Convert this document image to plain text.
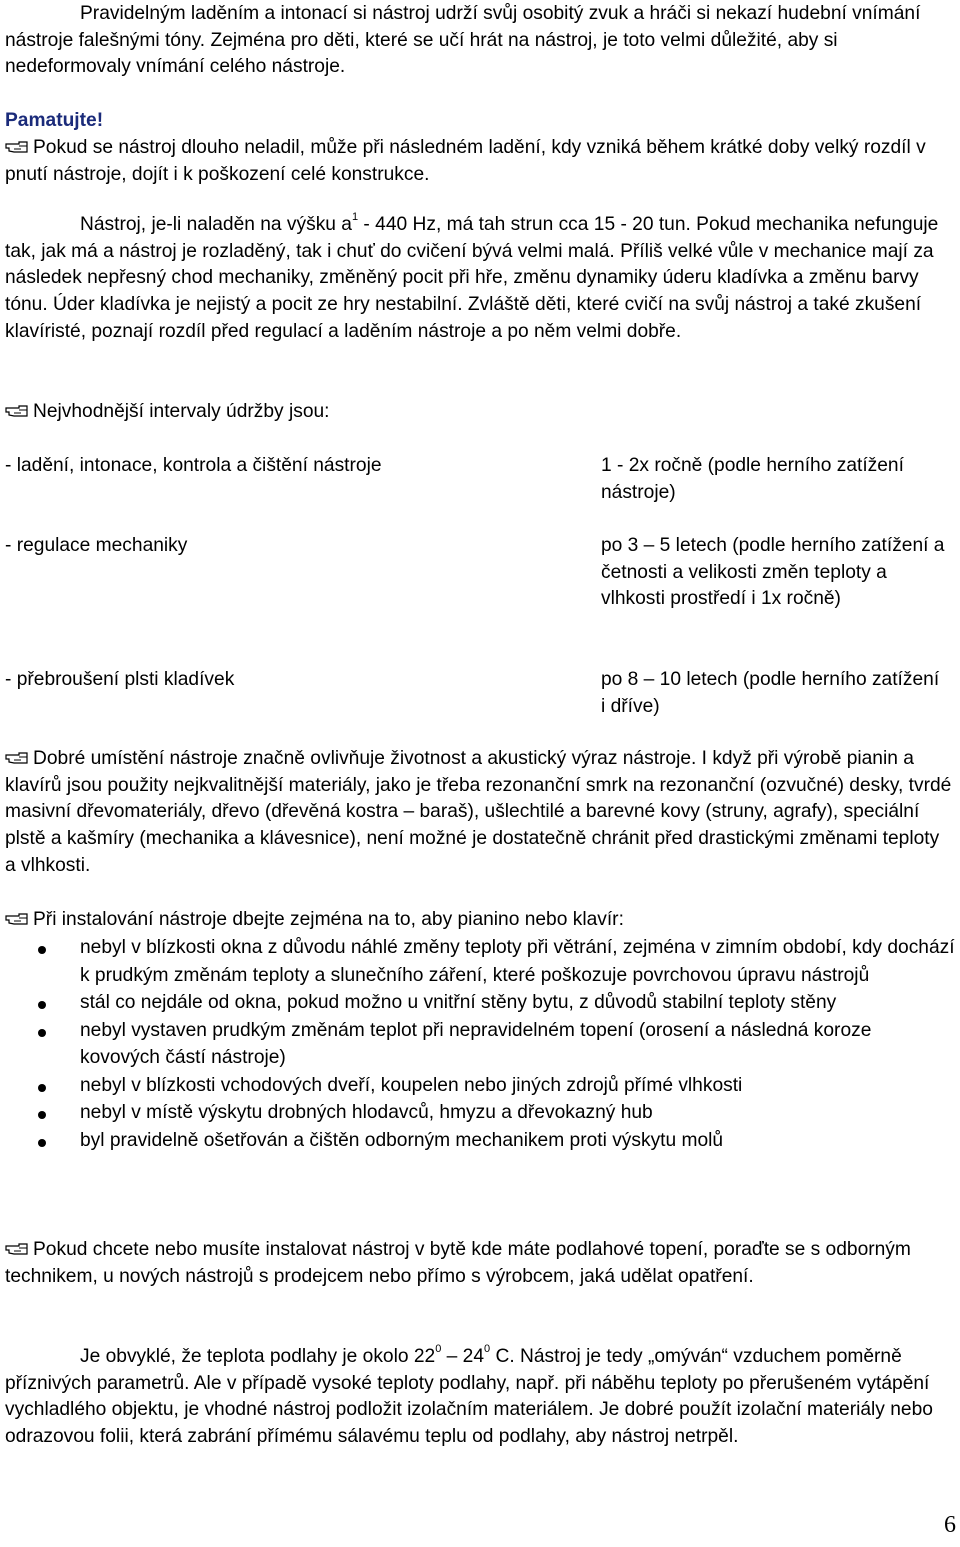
Pravidelným laděním a intonací si nástroj udrží svůj osobitý zvuk a hráči si nekazí hudební vnímání nástroje falešnými tóny. Zejména pro děti, které se učí hrát na nástroj, je toto velmi důležité, aby si nedeformovaly vnímání celého nástroje.

Pamatujte!

Pokud se nástroj dlouho neladil, může při následném ladění, kdy vzniká během krátké doby velký rozdíl v pnutí nástroje, dojít i k poškození celé konstrukce.

Nástroj, je-li naladěn na výšku $a^1 - 440$ Hz, má tah strun cca 15 - 20 tun. Pokud mechanika nefunguje tak, jak má a nástroj je rozladěný, tak i chuť do cvičení bývá velmi malá. Příliš velké vůle v mechanice mají za následek nepřesný chod mechaniky, změněný pocit při hře, změnu dynamiky úderu kladívka a změnu barvy tónu. Úder kladívka je nejistý a pocit ze hry nestabilní. Zvláště děti, které cvičí na svůj nástroj a také zkušení klavíristé, poznají rozdíl před regulací a laděním nástroje a po něm velmi dobře.

Nejvhodnější intervaly údržby jsou:

- ladění, intonace, kontrola a čištění nástroje	1 - 2x ročně (podle herního zatížení nástroje)
- regulace mechaniky	po 3 – 5 letech (podle herního zatížení a četnosti a velikosti změn teploty a vlhkosti prostředí i 1x ročně)
- přebroušení plsti kladívek	po 8 – 10 letech (podle herního zatížení i dříve)

Dobré umístění nástroje značně ovlivňuje životnost a akustický výraz nástroje. I když při výrobě pianin a klavírů jsou použity nejkvalitnější materiály, jako je třeba rezonanční smrk na rezonanční (ozvučné) desky, tvrdé masivní dřevomateriály, dřevo (dřevěná kostra – baraš), ušlechtilé a barevné kovy (struny, agrafy), speciální plstě a kašmíry (mechanika a klávesnice), není možné je dostatečně chránit před drastickými změnami teploty a vlhkosti.

Při instalování nástroje dbejte zejména na to, aby pianino nebo klavír:

nebyl v blízkosti okna z důvodu náhlé změny teploty při větrání, zejména v zimním období, kdy dochází k prudkým změnám teploty a slunečního záření, které poškozuje povrchovou úpravu nástrojů
stál co nejdále od okna, pokud možno u vnitřní stěny bytu, z důvodů stabilní teploty stěny
nebyl vystaven prudkým změnám teplot při nepravidelném topení (orosení a následná koroze kovových částí nástroje)
nebyl v blízkosti vchodových dveří, koupelen nebo jiných zdrojů přímé vlhkosti
nebyl v místě výskytu drobných hlodavců, hmyzu a dřevokazný hub
byl pravidelně ošetřován a čištěn odborným mechanikem proti výskytu molů

Pokud chcete nebo musíte instalovat nástroj v bytě kde máte podlahové topení, poraďte se s odborným technikem, u nových nástrojů s prodejcem nebo přímo s výrobcem, jaká udělat opatření.

Je obvyklé, že teplota podlahy je okolo $22^0 - 24^0$ C. Nástroj je tedy „omýván“ vzduchem poměrně příznivých parametrů. Ale v případě vysoké teploty podlahy, např. při náběhu teploty po přerušeném vytápění vychladlého objektu, je vhodné nástroj podložit izolačním materiálem. Je dobré použít izolační materiály nebo odrazovou folii, která zabrání přímému sálavému teplu od podlahy, aby nástroj netrpěl.

6
